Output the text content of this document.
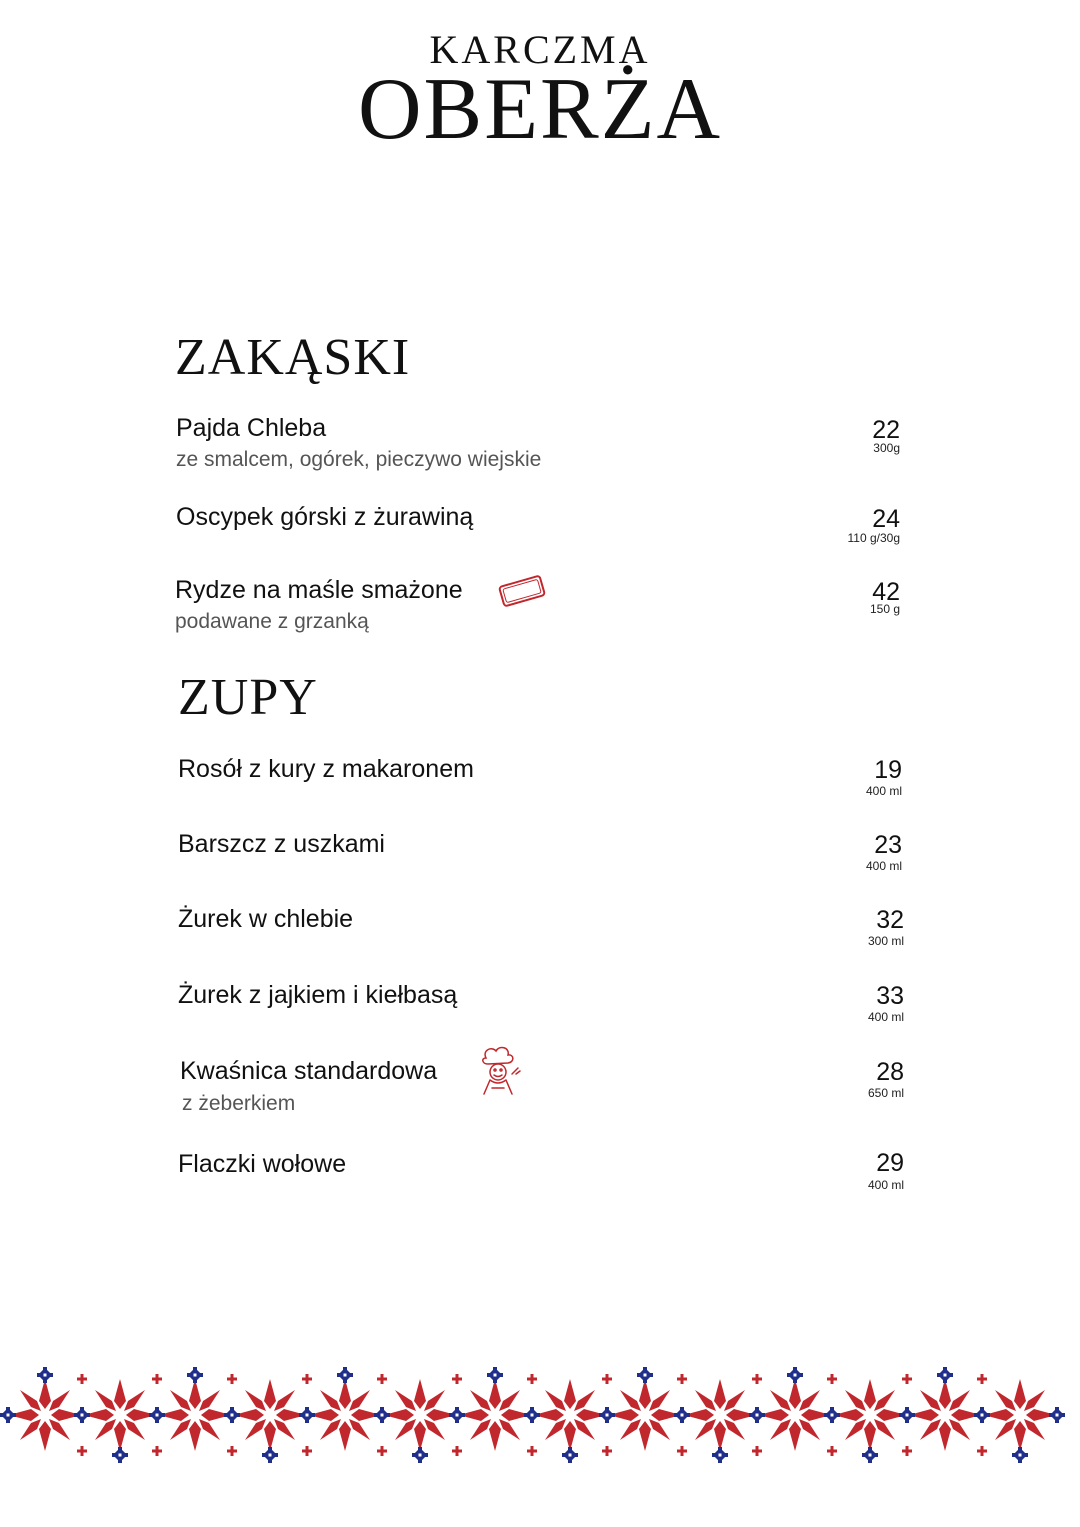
KARCZMA
OBERŻA
ZAKĄSKI
Pajda Chleba
ze smalcem, ogórek, pieczywo wiejskie
22
300g
Oscypek górski z żurawiną	24
110 g/30g
Rydze na maśle smażone
podawane z grzanką
42
150 g
ZUPY
Rosół z kury z makaronem	19
400 ml
Barszcz z uszkami	23
400 ml
Żurek w chlebie	32
300 ml
Żurek z jajkiem i kiełbasą	33
400 ml
Kwaśnica standardowa
z żeberkiem
28
650 ml
Flaczki wołowe	29
400 ml
